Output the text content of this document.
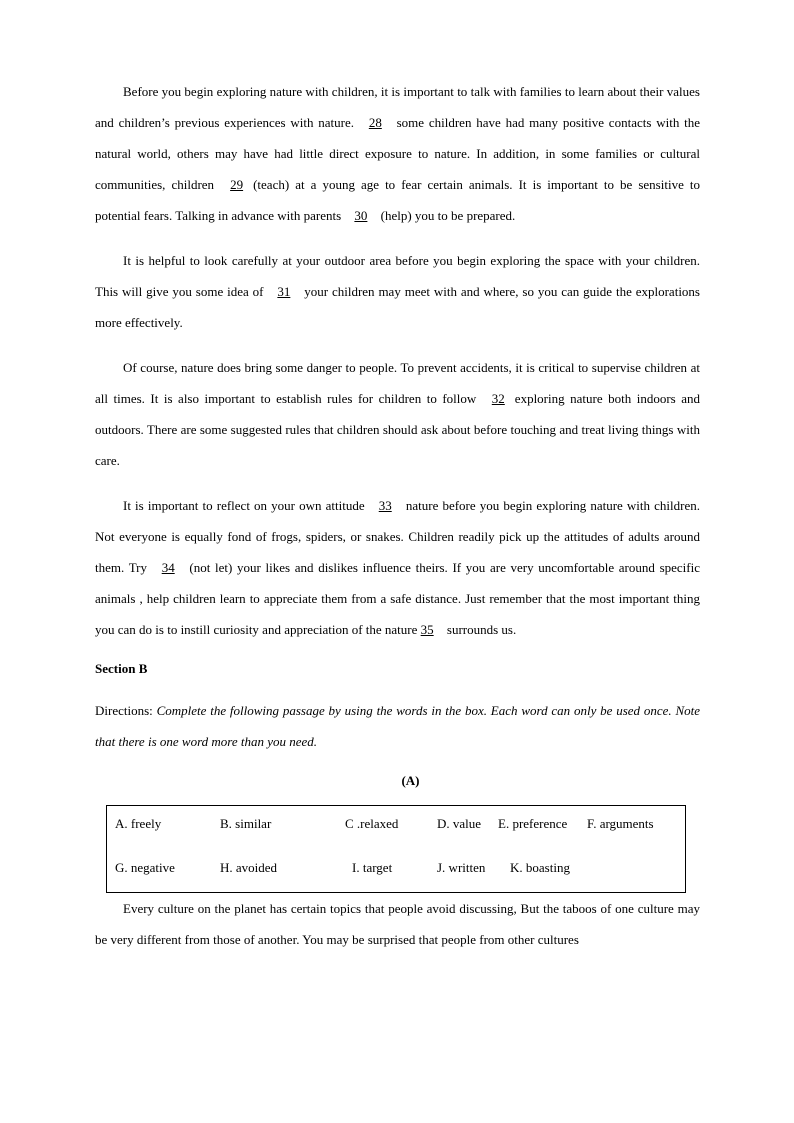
Before you begin exploring nature with children, it is important to talk with families to learn about their values and children’s previous experiences with nature. 28 some children have had many positive contacts with the natural world, others may have had little direct exposure to nature. In addition, in some families or cultural communities, children 29 (teach) at a young age to fear certain animals. It is important to be sensitive to potential fears. Talking in advance with parents 30 (help) you to be prepared.

It is helpful to look carefully at your outdoor area before you begin exploring the space with your children. This will give you some idea of 31 your children may meet with and where, so you can guide the explorations more effectively.

Of course, nature does bring some danger to people. To prevent accidents, it is critical to supervise children at all times. It is also important to establish rules for children to follow 32 exploring nature both indoors and outdoors. There are some suggested rules that children should ask about before touching and treat living things with care.

It is important to reflect on your own attitude 33 nature before you begin exploring nature with children. Not everyone is equally fond of frogs, spiders, or snakes. Children readily pick up the attitudes of adults around them. Try 34 (not let) your likes and dislikes influence theirs. If you are very uncomfortable around specific animals , help children learn to appreciate them from a safe distance. Just remember that the most important thing you can do is to instill curiosity and appreciation of the nature 35 surrounds us.

Section B
Directions: Complete the following passage by using the words in the box. Each word can only be used once. Note that there is one word more than you need.
(A)
A. freely	B. similar	C .relaxed	D. value E. preference F. arguments
G. negative	H. avoided	I. target	J. written K. boasting

Every culture on the planet has certain topics that people avoid discussing, But the taboos of one culture may be very different from those of another. You may be surprised that people from other cultures
